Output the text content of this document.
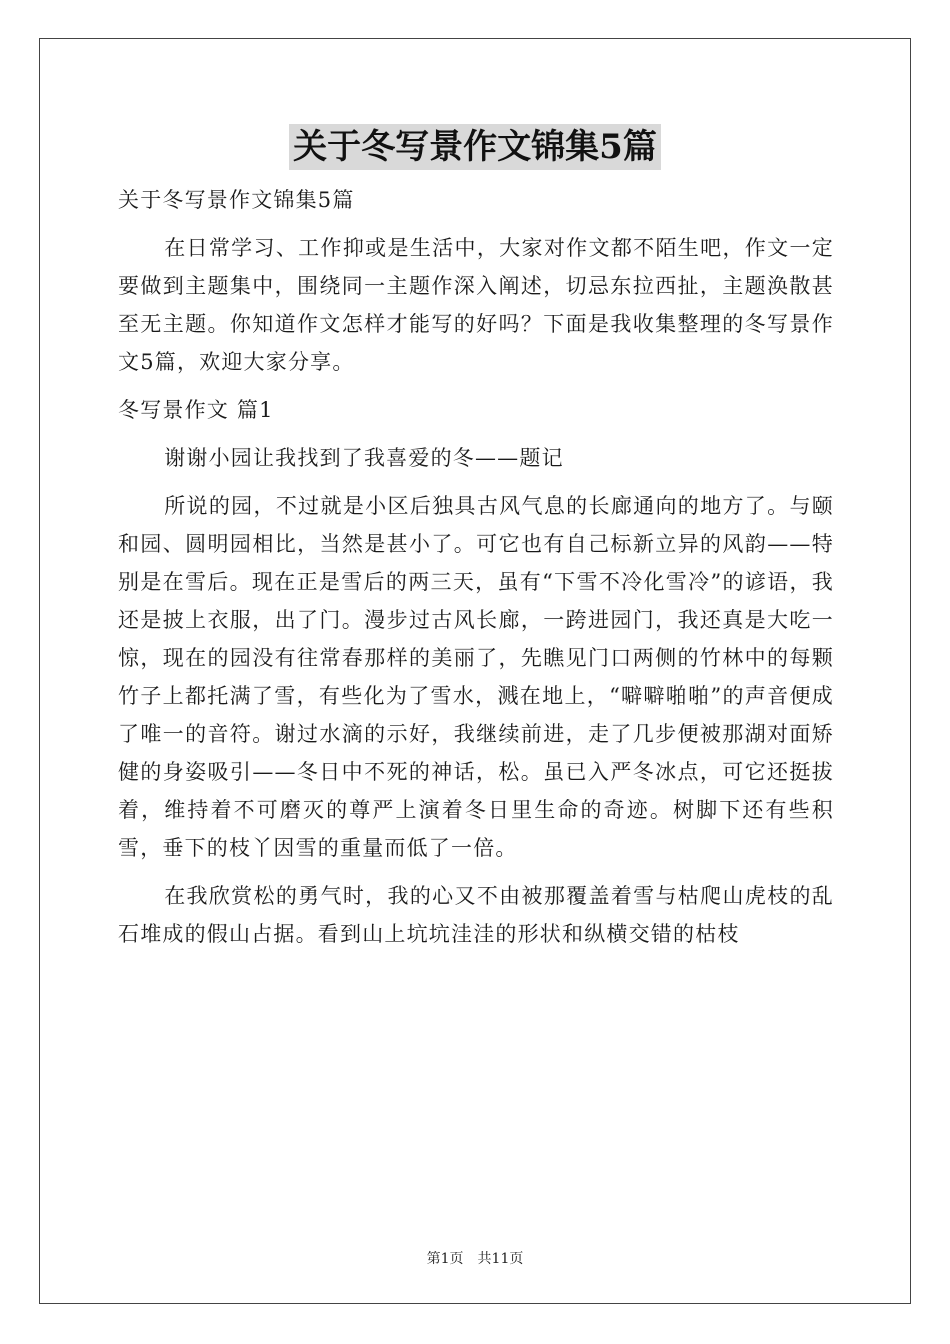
关于冬写景作文锦集5篇

关于冬写景作文锦集5篇

在日常学习、工作抑或是生活中，大家对作文都不陌生吧，作文一定要做到主题集中，围绕同一主题作深入阐述，切忌东拉西扯，主题涣散甚至无主题。你知道作文怎样才能写的好吗？下面是我收集整理的冬写景作文5篇，欢迎大家分享。

冬写景作文 篇1

谢谢小园让我找到了我喜爱的冬——题记

所说的园，不过就是小区后独具古风气息的长廊通向的地方了。与颐和园、圆明园相比，当然是甚小了。可它也有自己标新立异的风韵——特别是在雪后。现在正是雪后的两三天，虽有“下雪不冷化雪冷”的谚语，我还是披上衣服，出了门。漫步过古风长廊，一跨进园门，我还真是大吃一惊，现在的园没有往常春那样的美丽了，先瞧见门口两侧的竹林中的每颗竹子上都托满了雪，有些化为了雪水，溅在地上，“噼噼啪啪”的声音便成了唯一的音符。谢过水滴的示好，我继续前进，走了几步便被那湖对面矫健的身姿吸引——冬日中不死的神话，松。虽已入严冬冰点，可它还挺拔着，维持着不可磨灭的尊严上演着冬日里生命的奇迹。树脚下还有些积雪，垂下的枝丫因雪的重量而低了一倍。

在我欣赏松的勇气时，我的心又不由被那覆盖着雪与枯爬山虎枝的乱石堆成的假山占据。看到山上坑坑洼洼的形状和纵横交错的枯枝

第1页　共11页
